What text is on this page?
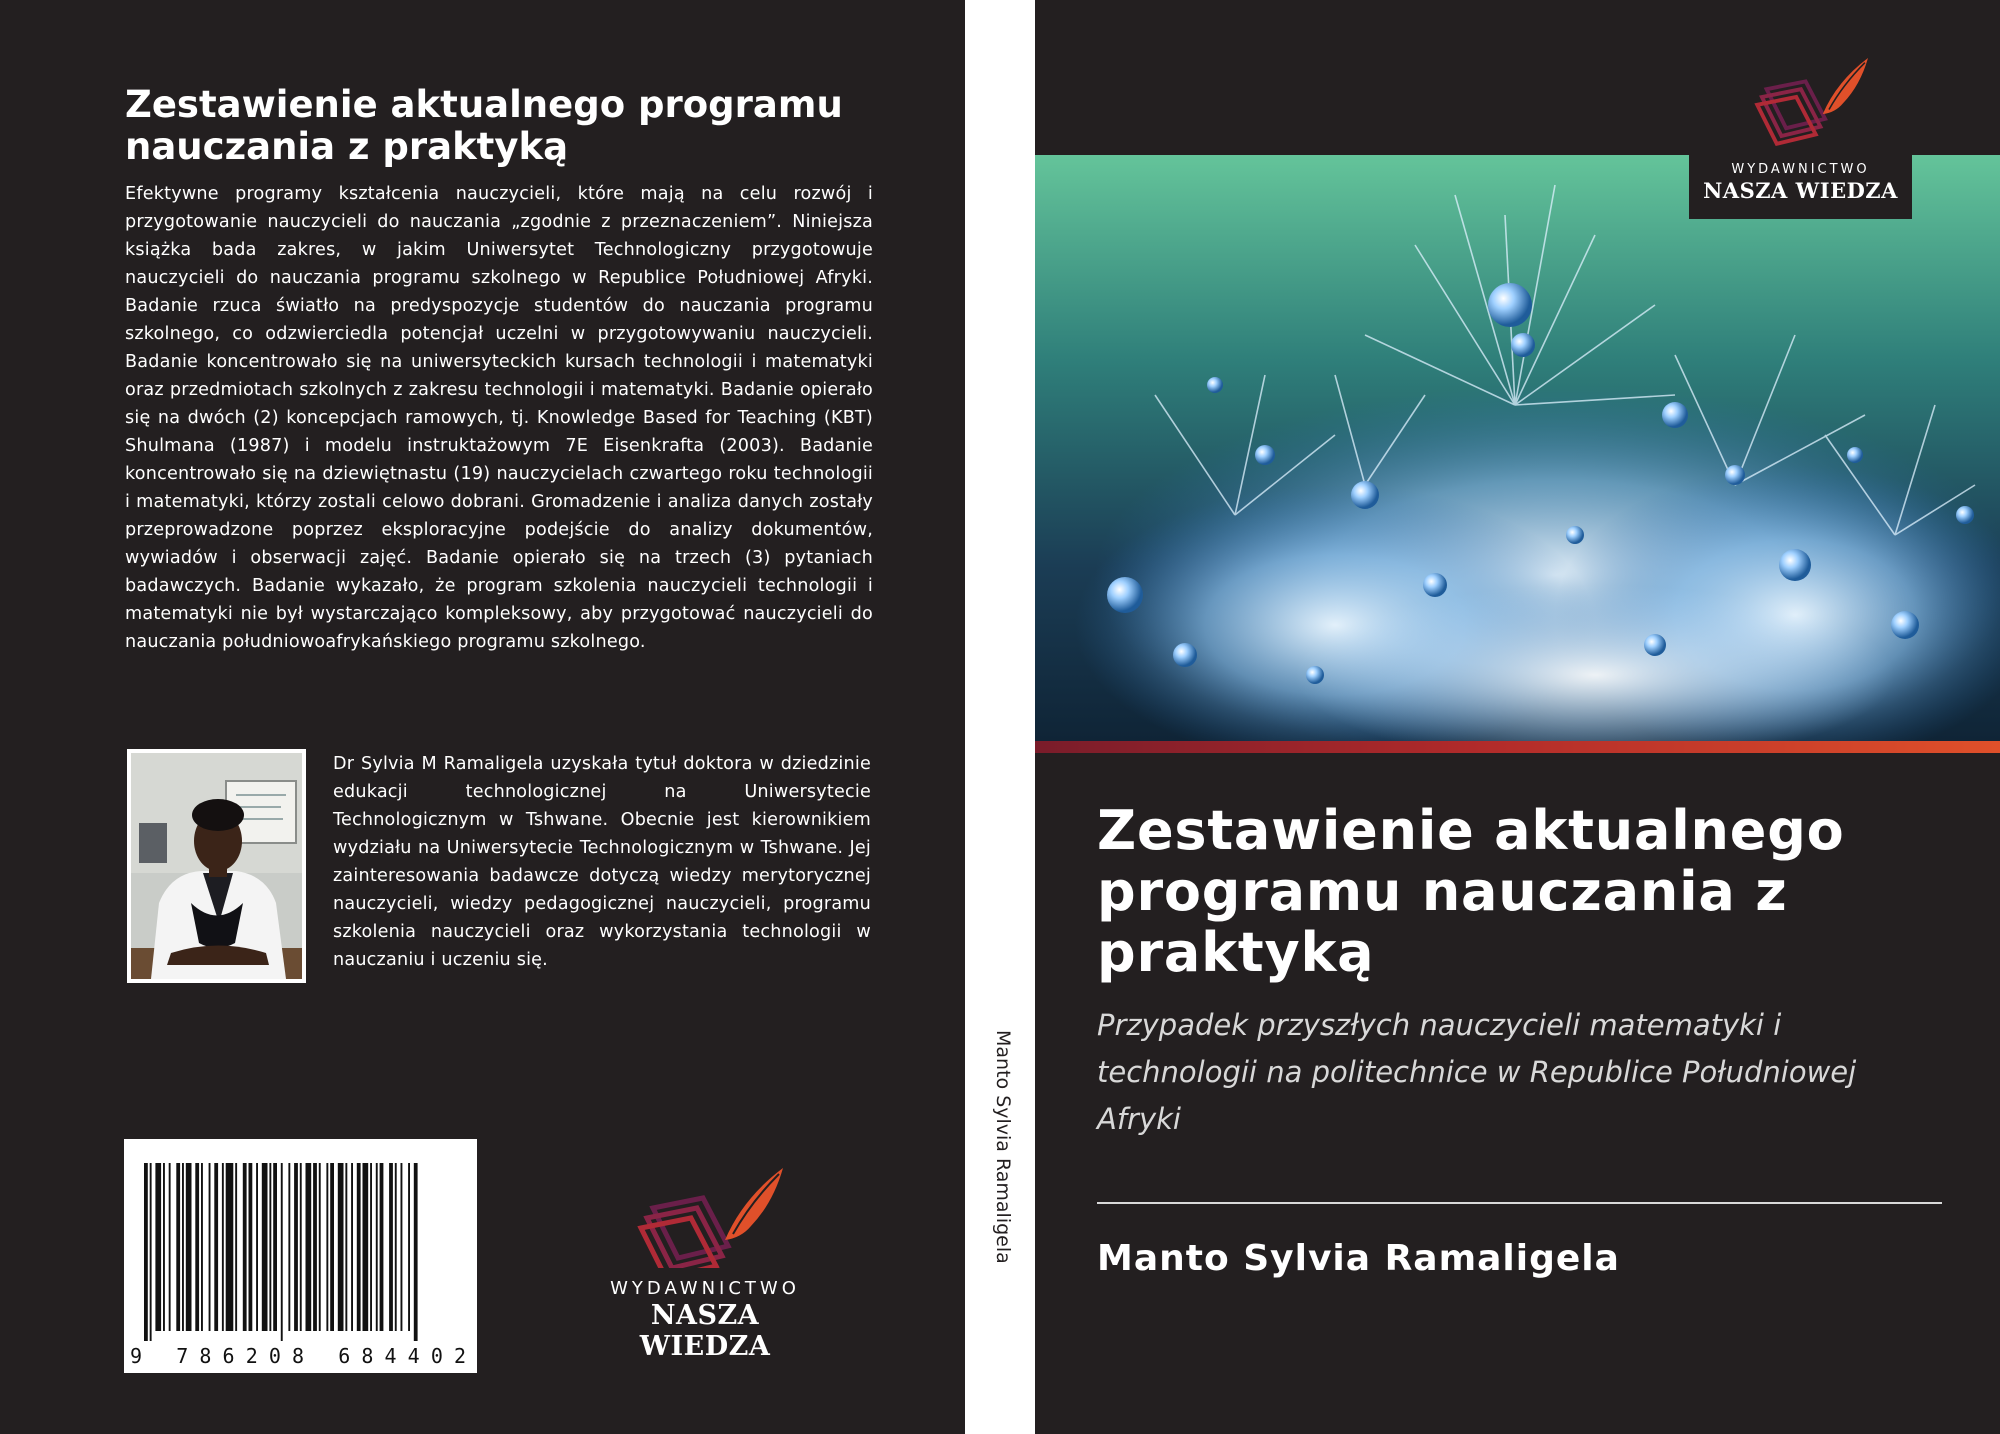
Zestawienie aktualnego programu nauczania z praktyką

Efektywne programy kształcenia nauczycieli, które mają na celu rozwój i przygotowanie nauczycieli do nauczania „zgodnie z przeznaczeniem”. Niniejsza książka bada zakres, w jakim Uniwersytet Technologiczny przygotowuje nauczycieli do nauczania programu szkolnego w Republice Południowej Afryki. Badanie rzuca światło na predyspozycje studentów do nauczania programu szkolnego, co odzwierciedla potencjał uczelni w przygotowywaniu nauczycieli. Badanie koncentrowało się na uniwersyteckich kursach technologii i matematyki oraz przedmiotach szkolnych z zakresu technologii i matematyki. Badanie opierało się na dwóch (2) koncepcjach ramowych, tj. Knowledge Based for Teaching (KBT) Shulmana (1987) i modelu instruktażowym 7E Eisenkrafta (2003). Badanie koncentrowało się na dziewiętnastu (19) nauczycielach czwartego roku technologii i matematyki, którzy zostali celowo dobrani. Gromadzenie i analiza danych zostały przeprowadzone poprzez eksploracyjne podejście do analizy dokumentów, wywiadów i obserwacji zajęć. Badanie opierało się na trzech (3) pytaniach badawczych. Badanie wykazało, że program szkolenia nauczycieli technologii i matematyki nie był wystarczająco kompleksowy, aby przygotować nauczycieli do nauczania południowoafrykańskiego programu szkolnego.

Dr Sylvia M Ramaligela uzyskała tytuł doktora w dziedzinie edukacji technologicznej na Uniwersytecie Technologicznym w Tshwane. Obecnie jest kierownikiem wydziału na Uniwersytecie Technologicznym w Tshwane. Jej zainteresowania badawcze dotyczą wiedzy merytorycznej nauczycieli, wiedzy pedagogicznej nauczycieli, programu szkolenia nauczycieli oraz wykorzystania technologii w nauczaniu i uczeniu się.

9 786208 684402
WYDAWNICTWO
NASZA WIEDZA
Manto Sylvia Ramaligela
WYDAWNICTWO
NASZA WIEDZA
Zestawienie aktualnego programu nauczania z praktyką

Przypadek przyszłych nauczycieli matematyki i technologii na politechnice w Republice Południowej Afryki

Manto Sylvia Ramaligela
